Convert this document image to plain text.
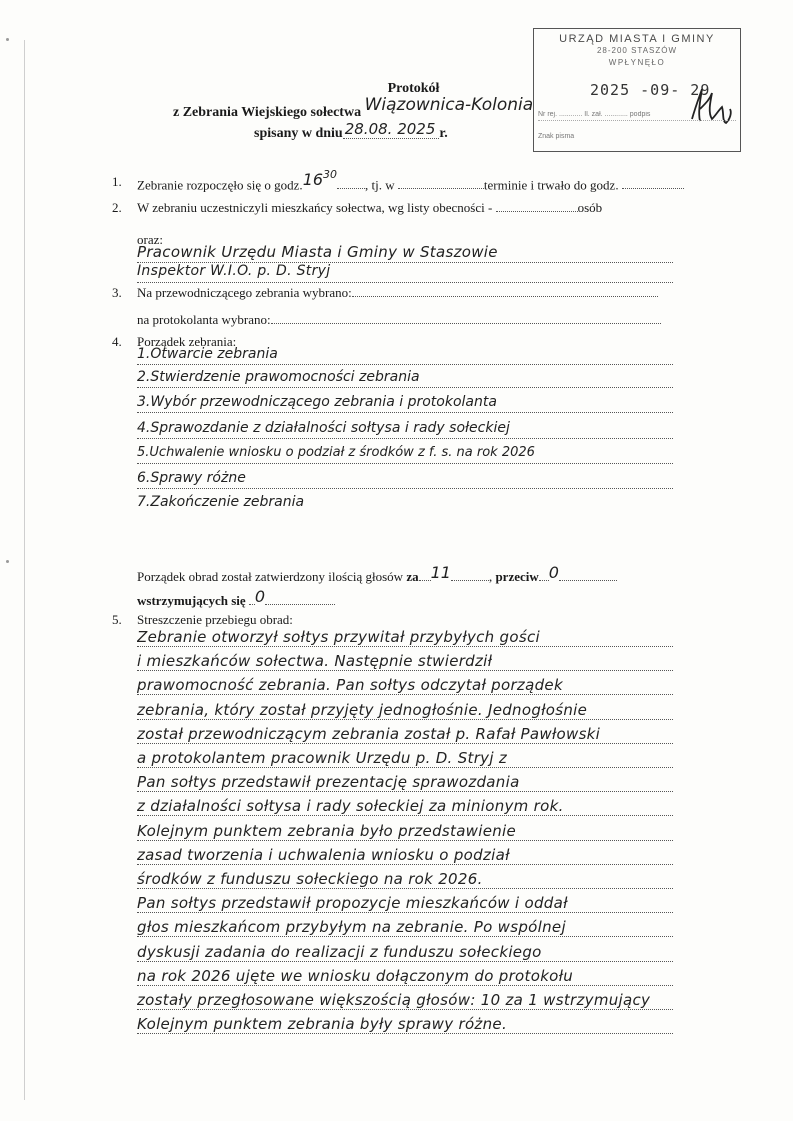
URZĄD MIASTA I GMINY
28-200 STASZÓW
WPŁYNĘŁO
2025 -09- 29
Nr rej. ............ Il. zał. ............ podpis
Znak pisma
Protokół
z Zebrania Wiejskiego sołectwa Wiązownica-Kolonia
spisany w dniu 28.08. 2025 r.
1. Zebranie rozpoczęło się o $godz.16^{30}$, tj. w	terminie i trwało do godz.
2. W zebraniu uczestniczyli mieszkańcy sołectwa, wg listy obecności -	osób
oraz:
Pracownik Urzędu Miasta i Gminy w Staszowie
Inspektor W.I.O. p. D. Stryj
3. Na przewodniczącego zebrania wybrano:
na protokolanta wybrano:
4. Porządek zebrania:
1.Otwarcie zebrania
2.Stwierdzenie prawomocności zebrania
3.Wybór przewodniczącego zebrania i protokolanta
4.Sprawozdanie z działalności sołtysa i rady sołeckiej
5.Uchwalenie wniosku o podział z środków z f. s. na rok 2026
6.Sprawy różne
7.Zakończenie zebrania
Porządek obrad został zatwierdzony ilością głosów za 11	, przeciw 0
wstrzymujących się 0
5. Streszczenie przebiegu obrad:
Zebranie otworzył sołtys przywitał przybyłych gości
i mieszkańców sołectwa. Następnie stwierdził
prawomocność zebrania. Pan sołtys odczytał porządek
zebrania, który został przyjęty jednogłośnie. Jednogłośnie
został przewodniczącym zebrania został p. Rafał Pawłowski
a protokolantem pracownik Urzędu p. D. Stryj z
Pan sołtys przedstawił prezentację sprawozdania
z działalności sołtysa i rady sołeckiej za minionym rok.
Kolejnym punktem zebrania było przedstawienie
zasad tworzenia i uchwalenia wniosku o podział
środków z funduszu sołeckiego na rok 2026.
Pan sołtys przedstawił propozycje mieszkańców i oddał
głos mieszkańcom przybyłym na zebranie. Po wspólnej
dyskusji zadania do realizacji z funduszu sołeckiego
na rok 2026 ujęte we wniosku dołączonym do protokołu
zostały przegłosowane większością głosów: 10 za 1 wstrzymujący
Kolejnym punktem zebrania były sprawy różne.
